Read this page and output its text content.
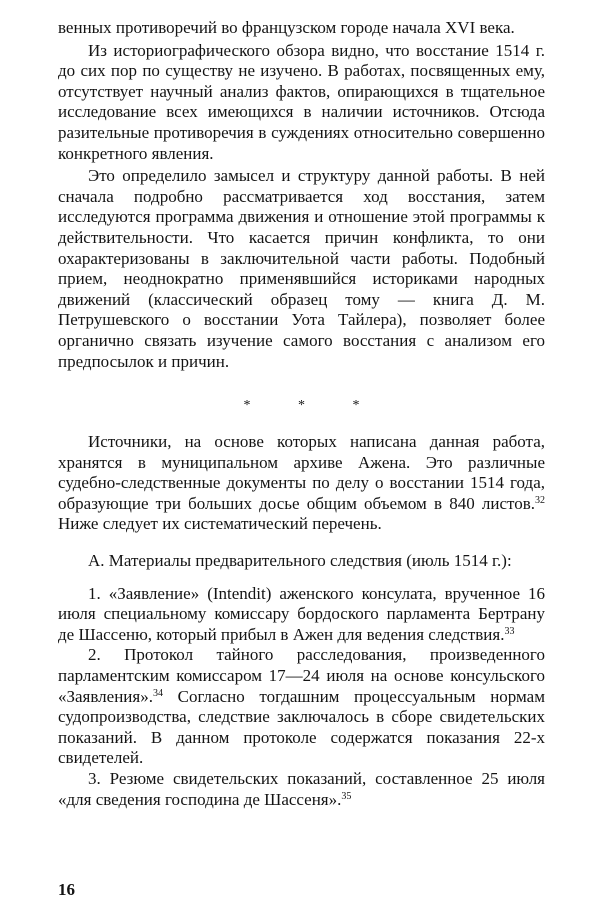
венных противоречий во французском городе начала XVI века.

Из историографического обзора видно, что восстание 1514 г. до сих пор по существу не изучено. В работах, посвященных ему, отсутствует научный анализ фактов, опирающихся в тщательное исследование всех имеющихся в наличии источников. Отсюда разительные противоречия в суждениях относительно совершенно конкретного явления.

Это определило замысел и структуру данной работы. В ней сначала подробно рассматривается ход восстания, затем исследуются программа движения и отношение этой программы к действительности. Что касается причин конфликта, то они охарактеризованы в заключительной части работы. Подобный прием, неоднократно применявшийся историками народных движений (классический образец тому — книга Д. М. Петрушевского о восстании Уота Тайлера), позволяет более органично связать изучение самого восстания с анализом его предпосылок и причин.

* * *

Источники, на основе которых написана данная работа, хранятся в муниципальном архиве Ажена. Это различные судебно-следственные документы по делу о восстании 1514 года, образующие три больших досье общим объемом в 840 листов.$^{32}$ Ниже следует их систематический перечень.

А. Материалы предварительного следствия (июль 1514 г.):

1. «Заявление» (Intendit) аженского консулата, врученное 16 июля специальному комиссару бордоского парламента Бертрану де Шассеню, который прибыл в Ажен для ведения следствия.$^{33}$

2. Протокол тайного расследования, произведенного парламентским комиссаром 17—24 июля на основе консульского «Заявления».$^{34}$ Согласно тогдашним процессуальным нормам судопроизводства, следствие заключалось в сборе свидетельских показаний. В данном протоколе содержатся показания 22-х свидетелей.

3. Резюме свидетельских показаний, составленное 25 июля «для сведения господина де Шассеня».$^{35}$

16
